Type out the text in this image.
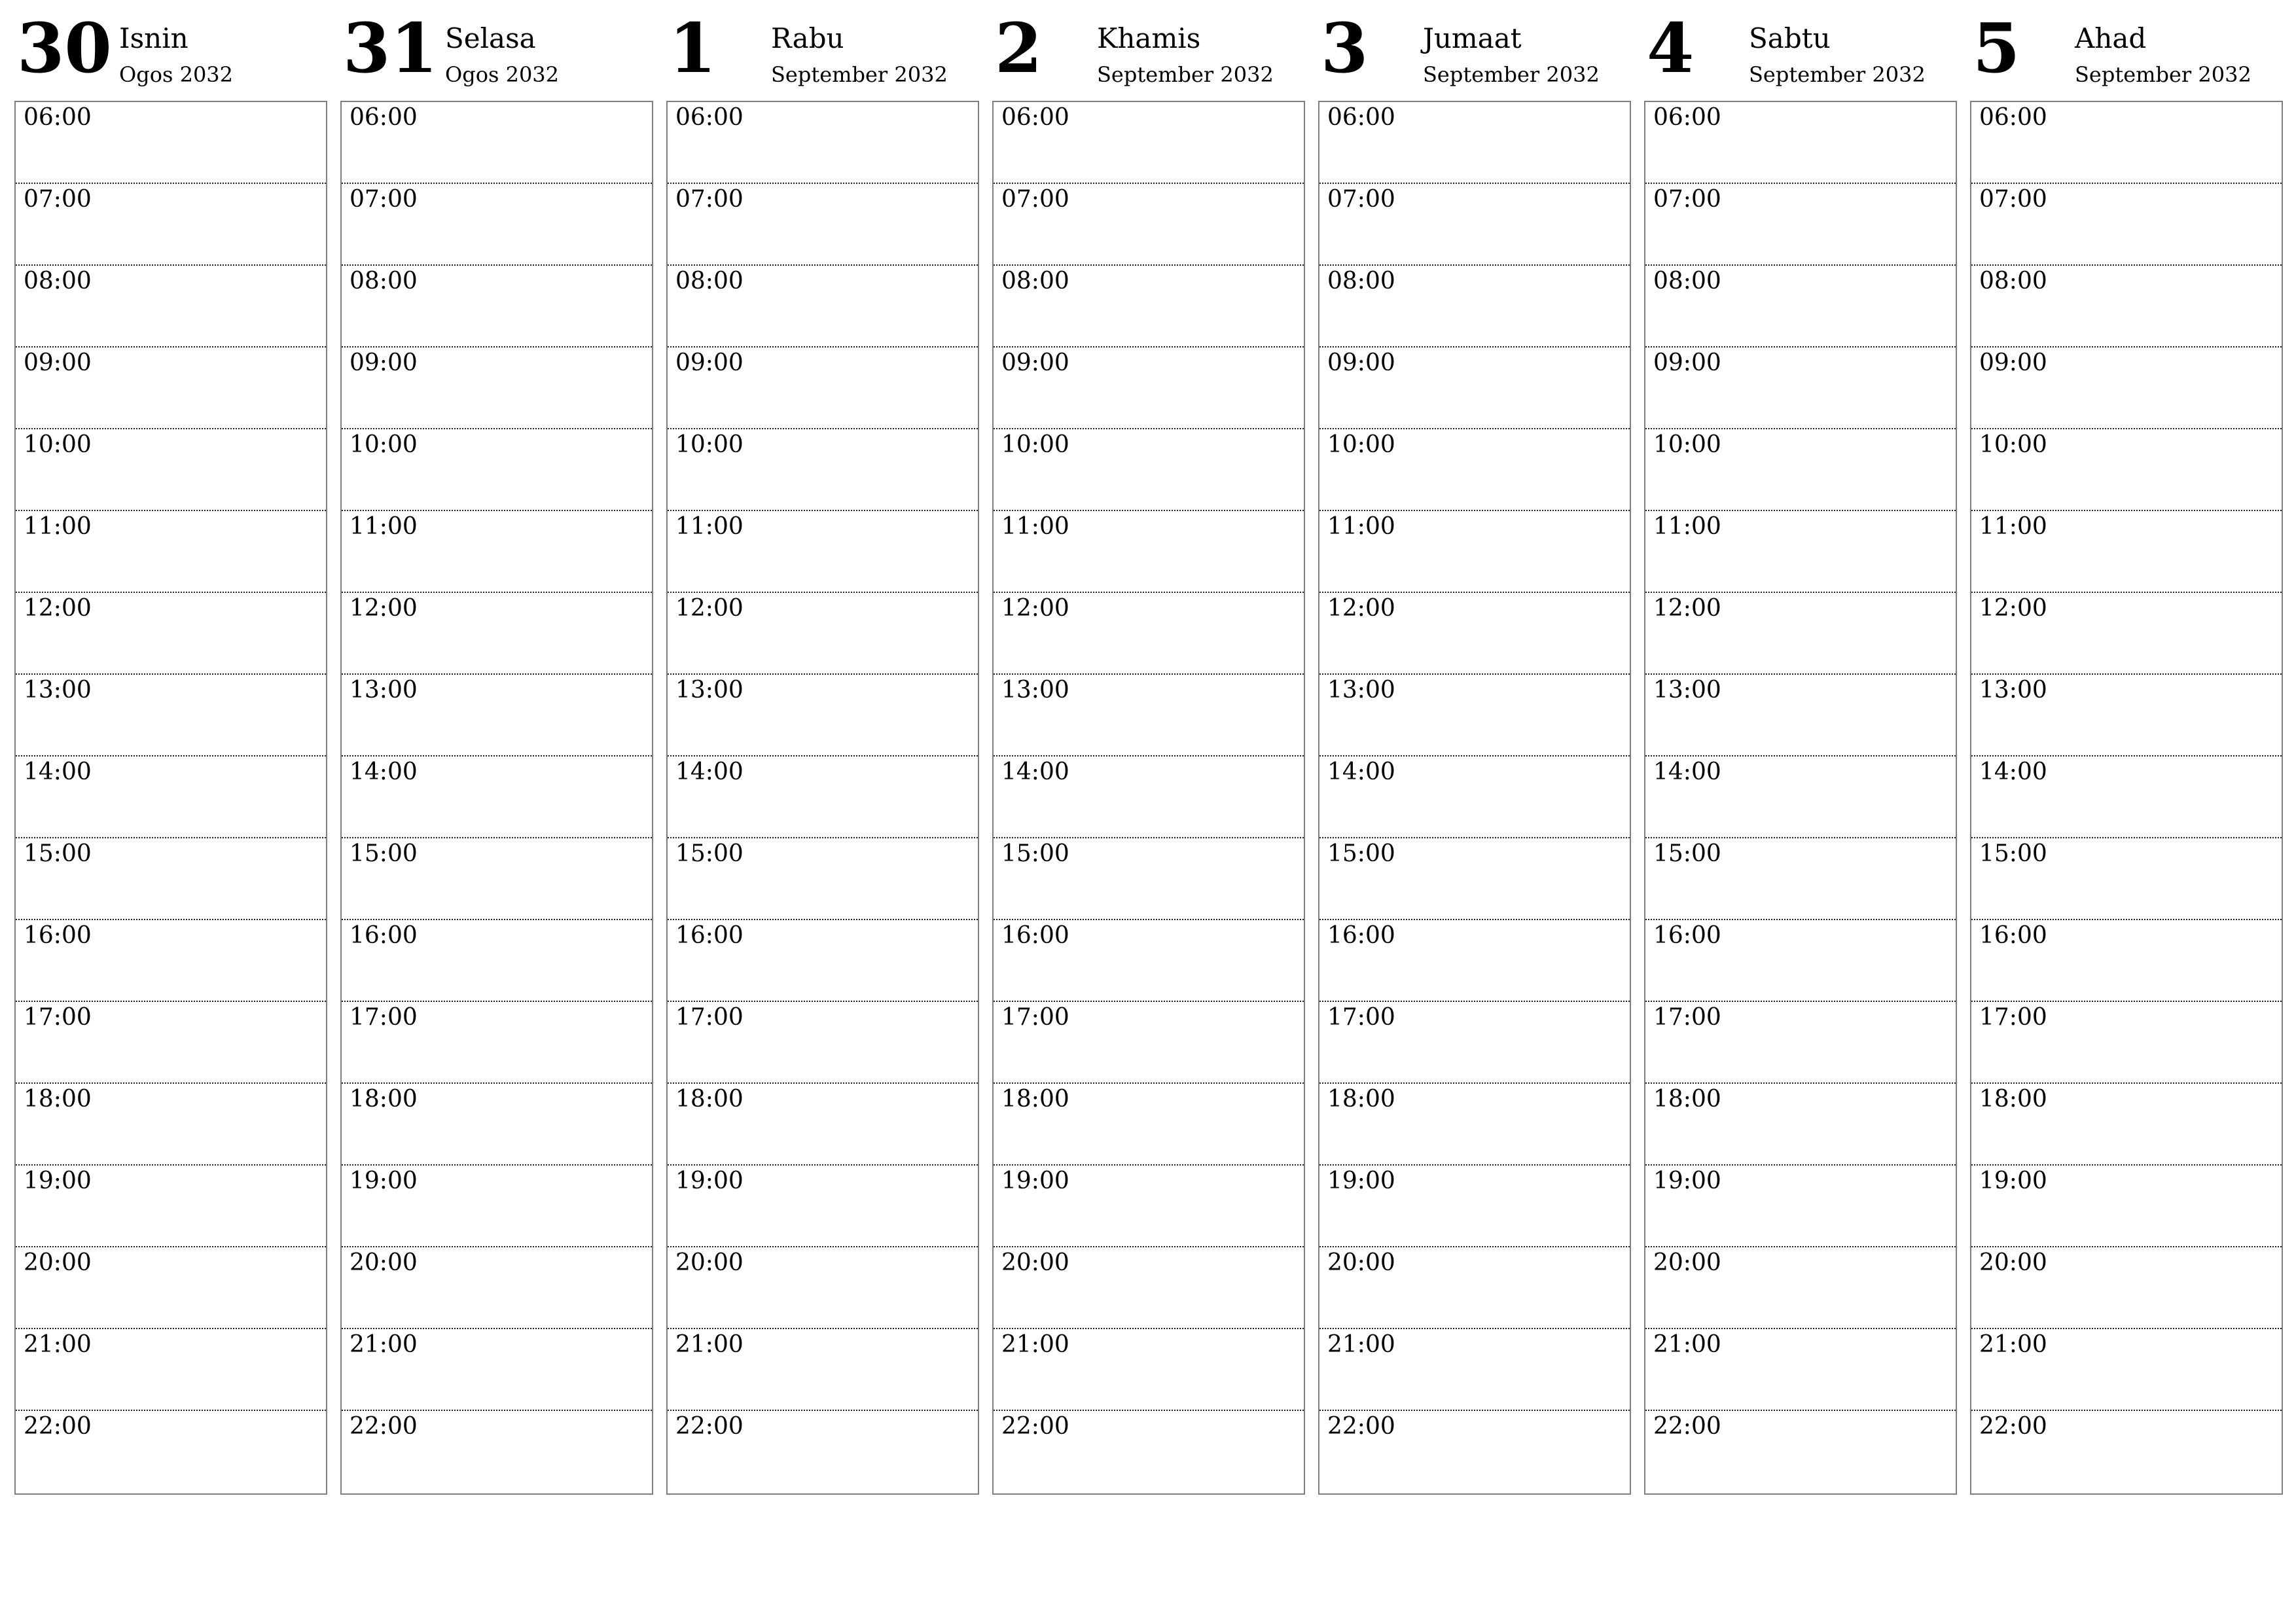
30 Isnin
Ogos 2032
06:00
07:00
08:00
09:00
10:00
11:00
12:00
13:00
14:00
15:00
16:00
17:00
18:00
19:00
20:00
21:00
22:00
31 Selasa
Ogos 2032
06:00
07:00
08:00
09:00
10:00
11:00
12:00
13:00
14:00
15:00
16:00
17:00
18:00
19:00
20:00
21:00
22:00
1 Rabu
September 2032
06:00
07:00
08:00
09:00
10:00
11:00
12:00
13:00
14:00
15:00
16:00
17:00
18:00
19:00
20:00
21:00
22:00
2 Khamis
September 2032
06:00
07:00
08:00
09:00
10:00
11:00
12:00
13:00
14:00
15:00
16:00
17:00
18:00
19:00
20:00
21:00
22:00
3 Jumaat
September 2032
06:00
07:00
08:00
09:00
10:00
11:00
12:00
13:00
14:00
15:00
16:00
17:00
18:00
19:00
20:00
21:00
22:00
4 Sabtu
September 2032
06:00
07:00
08:00
09:00
10:00
11:00
12:00
13:00
14:00
15:00
16:00
17:00
18:00
19:00
20:00
21:00
22:00
5 Ahad
September 2032
06:00
07:00
08:00
09:00
10:00
11:00
12:00
13:00
14:00
15:00
16:00
17:00
18:00
19:00
20:00
21:00
22:00
